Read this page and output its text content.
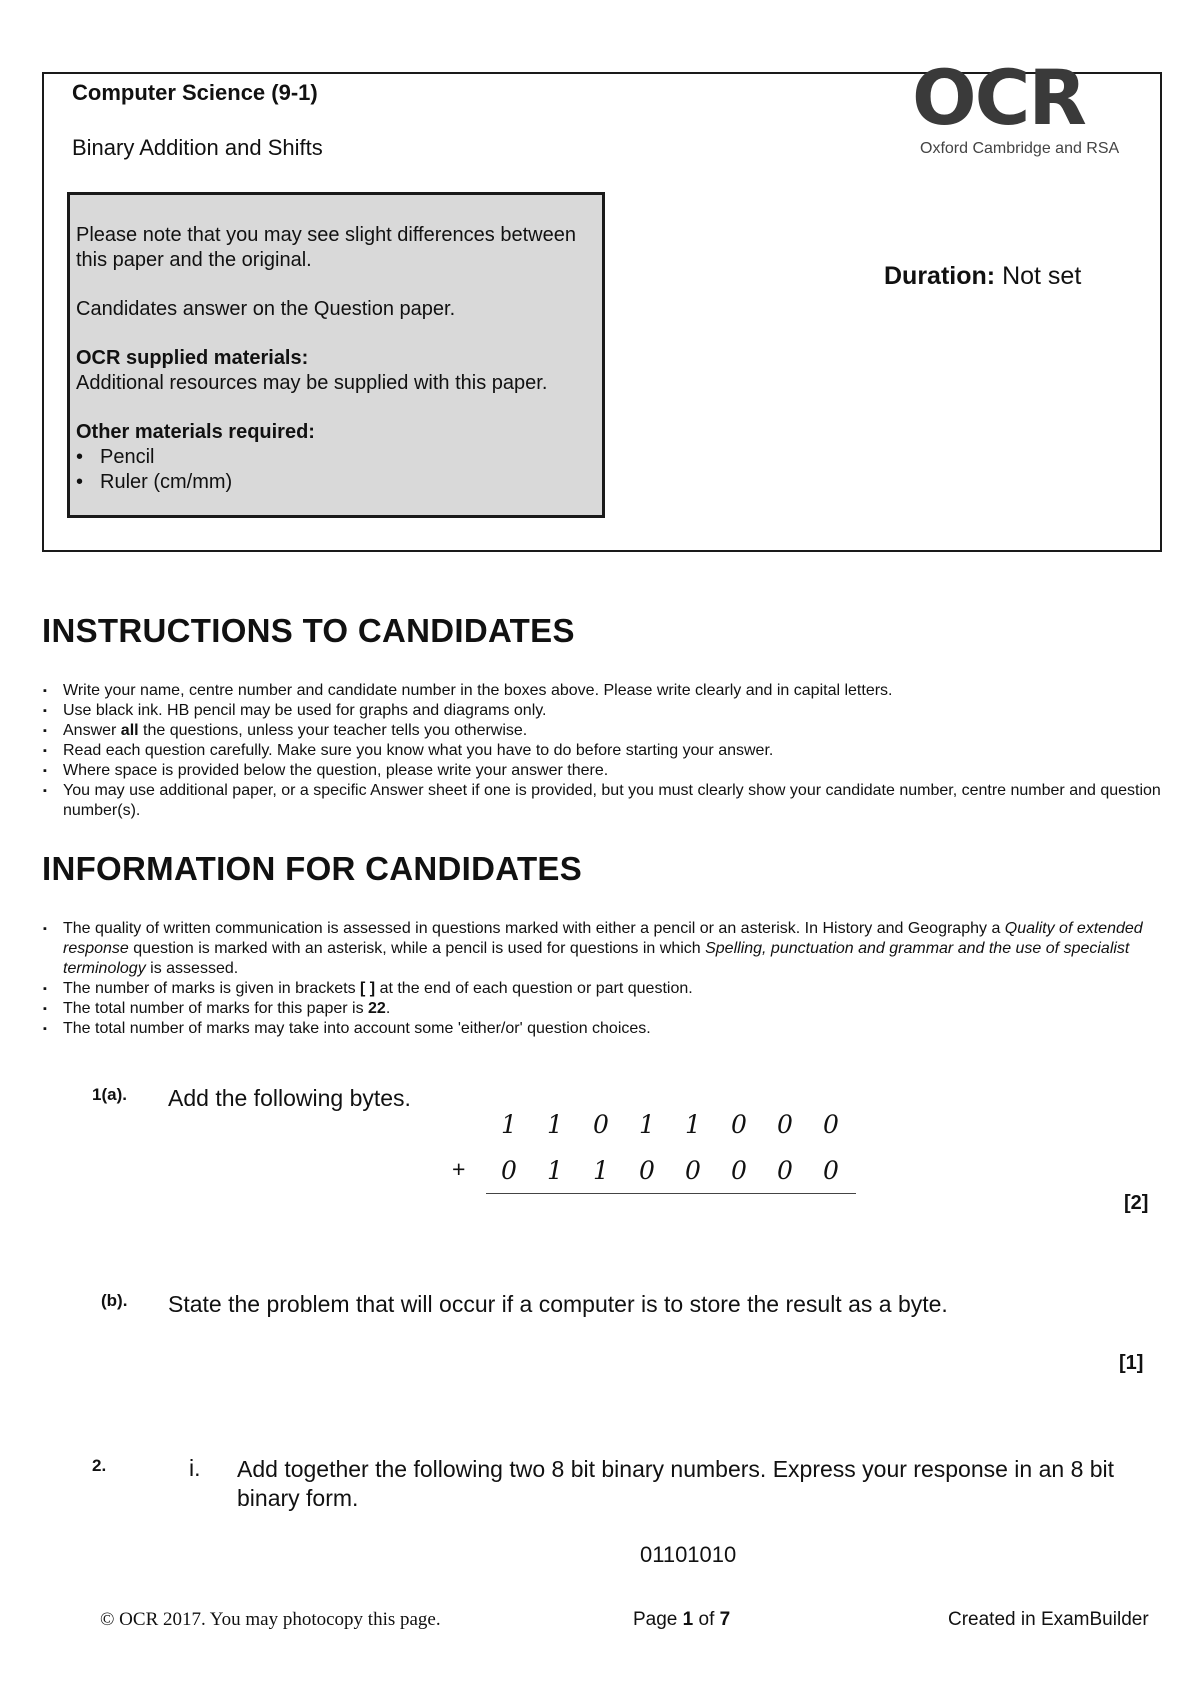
Computer Science (9-1)
Binary Addition and Shifts
OCR
Oxford Cambridge and RSA
Duration: Not set

Please note that you may see slight differences between this paper and the original.

Candidates answer on the Question paper.

OCR supplied materials:
Additional resources may be supplied with this paper.

Other materials required:
• Pencil
• Ruler (cm/mm)
INSTRUCTIONS TO CANDIDATES
▪ Write your name, centre number and candidate number in the boxes above. Please write clearly and in capital letters.
▪ Use black ink. HB pencil may be used for graphs and diagrams only.
▪ Answer all the questions, unless your teacher tells you otherwise.
▪ Read each question carefully. Make sure you know what you have to do before starting your answer.
▪ Where space is provided below the question, please write your answer there.
▪ You may use additional paper, or a specific Answer sheet if one is provided, but you must clearly show your candidate number, centre number and question number(s).
INFORMATION FOR CANDIDATES
▪ The quality of written communication is assessed in questions marked with either a pencil or an asterisk. In History and Geography a Quality of extended response question is marked with an asterisk, while a pencil is used for questions in which Spelling, punctuation and grammar and the use of specialist terminology is assessed.
▪ The number of marks is given in brackets [ ] at the end of each question or part question.
▪ The total number of marks for this paper is 22.
▪ The total number of marks may take into account some 'either/or' question choices.
1(a). Add the following bytes.
1 1 0 1 1 0 0 0
+ 0 1 1 0 0 0 0 0
[2]
(b). State the problem that will occur if a computer is to store the result as a byte.
[1]
2.	i. Add together the following two 8 bit binary numbers. Express your response in an 8 bit binary form.
01101010
© OCR 2017. You may photocopy this page.	Page 1 of 7	Created in ExamBuilder
